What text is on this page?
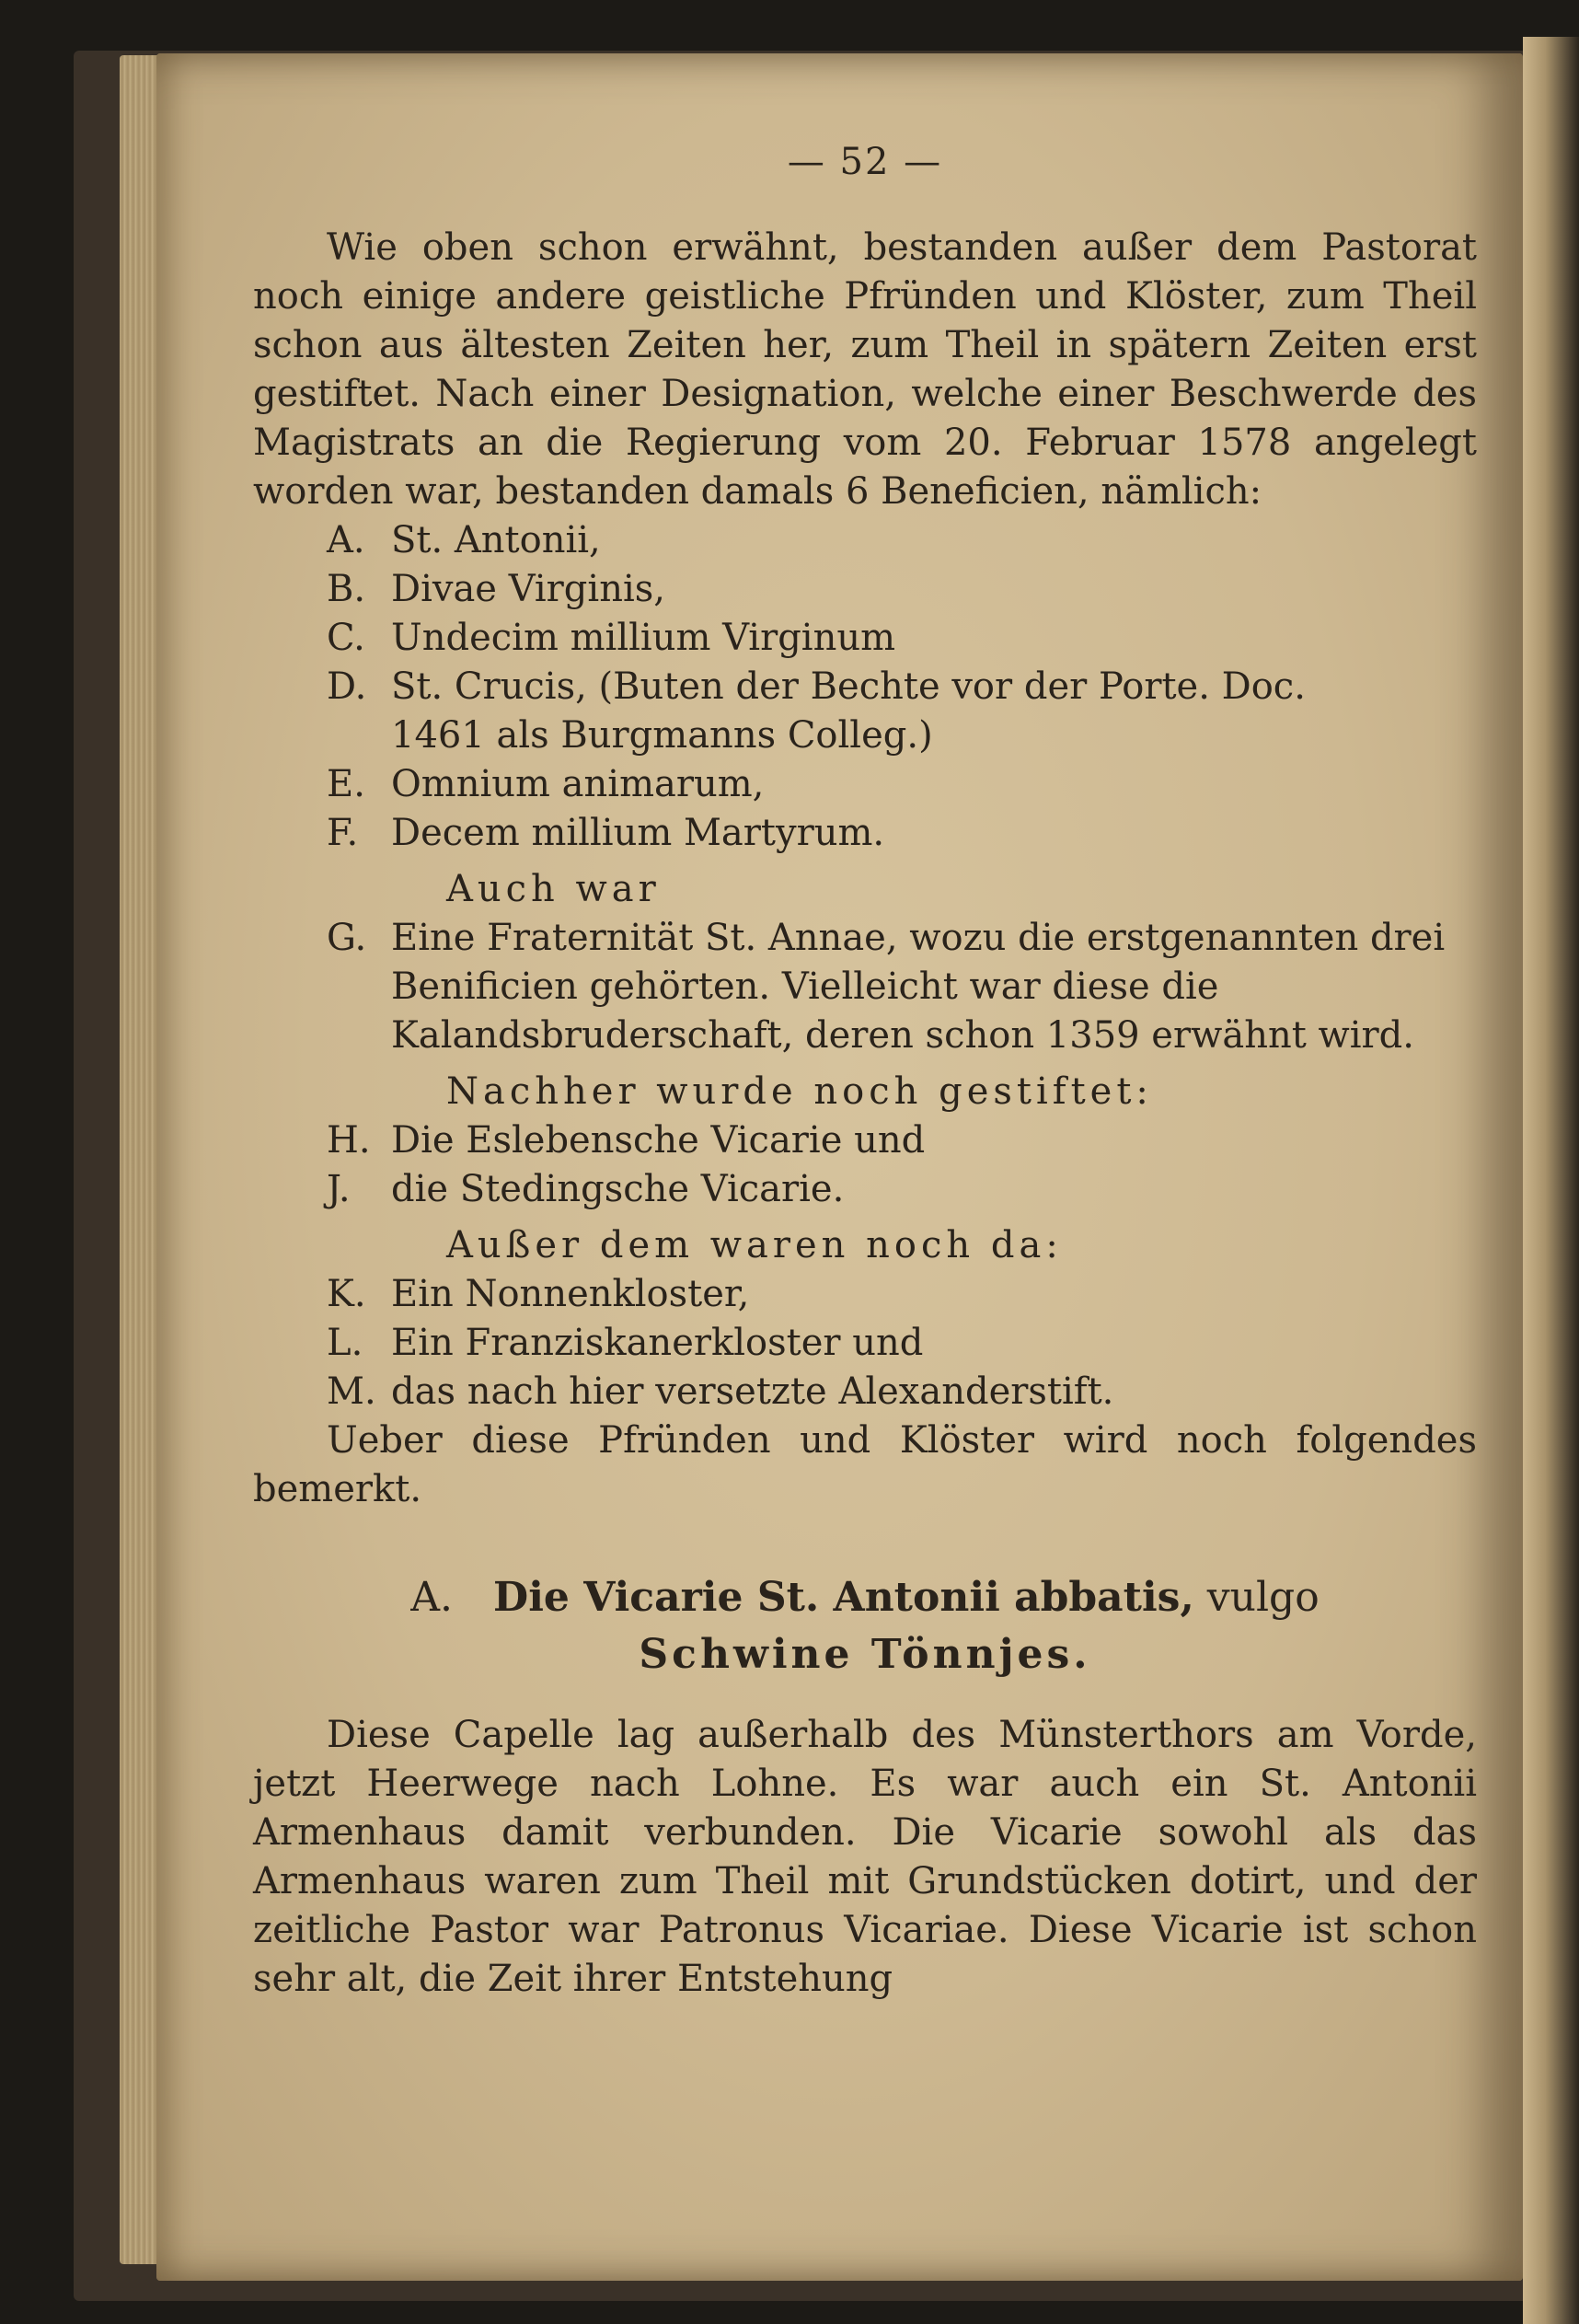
— 52 —

Wie oben schon erwähnt, bestanden außer dem Pastorat noch einige andere geistliche Pfründen und Klöster, zum Theil schon aus ältesten Zeiten her, zum Theil in spätern Zeiten erst gestiftet. Nach einer Designation, welche einer Beschwerde des Magistrats an die Regierung vom 20. Februar 1578 angelegt worden war, bestanden damals 6 Beneficien, nämlich:

A. St. Antonii,
B. Divae Virginis,
C. Undecim millium Virginum
D. St. Crucis, (Buten der Bechte vor der Porte. Doc.

1461 als Burgmanns Colleg.)

E. Omnium animarum,
F. Decem millium Martyrum.

Auch war

G. Eine Fraternität St. Annae, wozu die erstgenannten drei Benificien gehörten. Vielleicht war diese die Kalandsbruderschaft, deren schon 1359 erwähnt wird.

Nachher wurde noch gestiftet:

H. Die Eslebensche Vicarie und
J.	die Stedingsche Vicarie.

Außer dem waren noch da:

K. Ein Nonnenkloster,
L. Ein Franziskanerkloster und
M. das nach hier versetzte Alexanderstift.

Ueber diese Pfründen und Klöster wird noch folgendes bemerkt.

A. Die Vicarie St. Antonii abbatis, vulgo
Schwine Tönnjes.

Diese Capelle lag außerhalb des Münsterthors am Vorde, jetzt Heerwege nach Lohne. Es war auch ein St. Antonii Armenhaus damit verbunden. Die Vicarie sowohl als das Armenhaus waren zum Theil mit Grundstücken dotirt, und der zeitliche Pastor war Patronus Vicariae. Diese Vicarie ist schon sehr alt, die Zeit ihrer Entstehung
